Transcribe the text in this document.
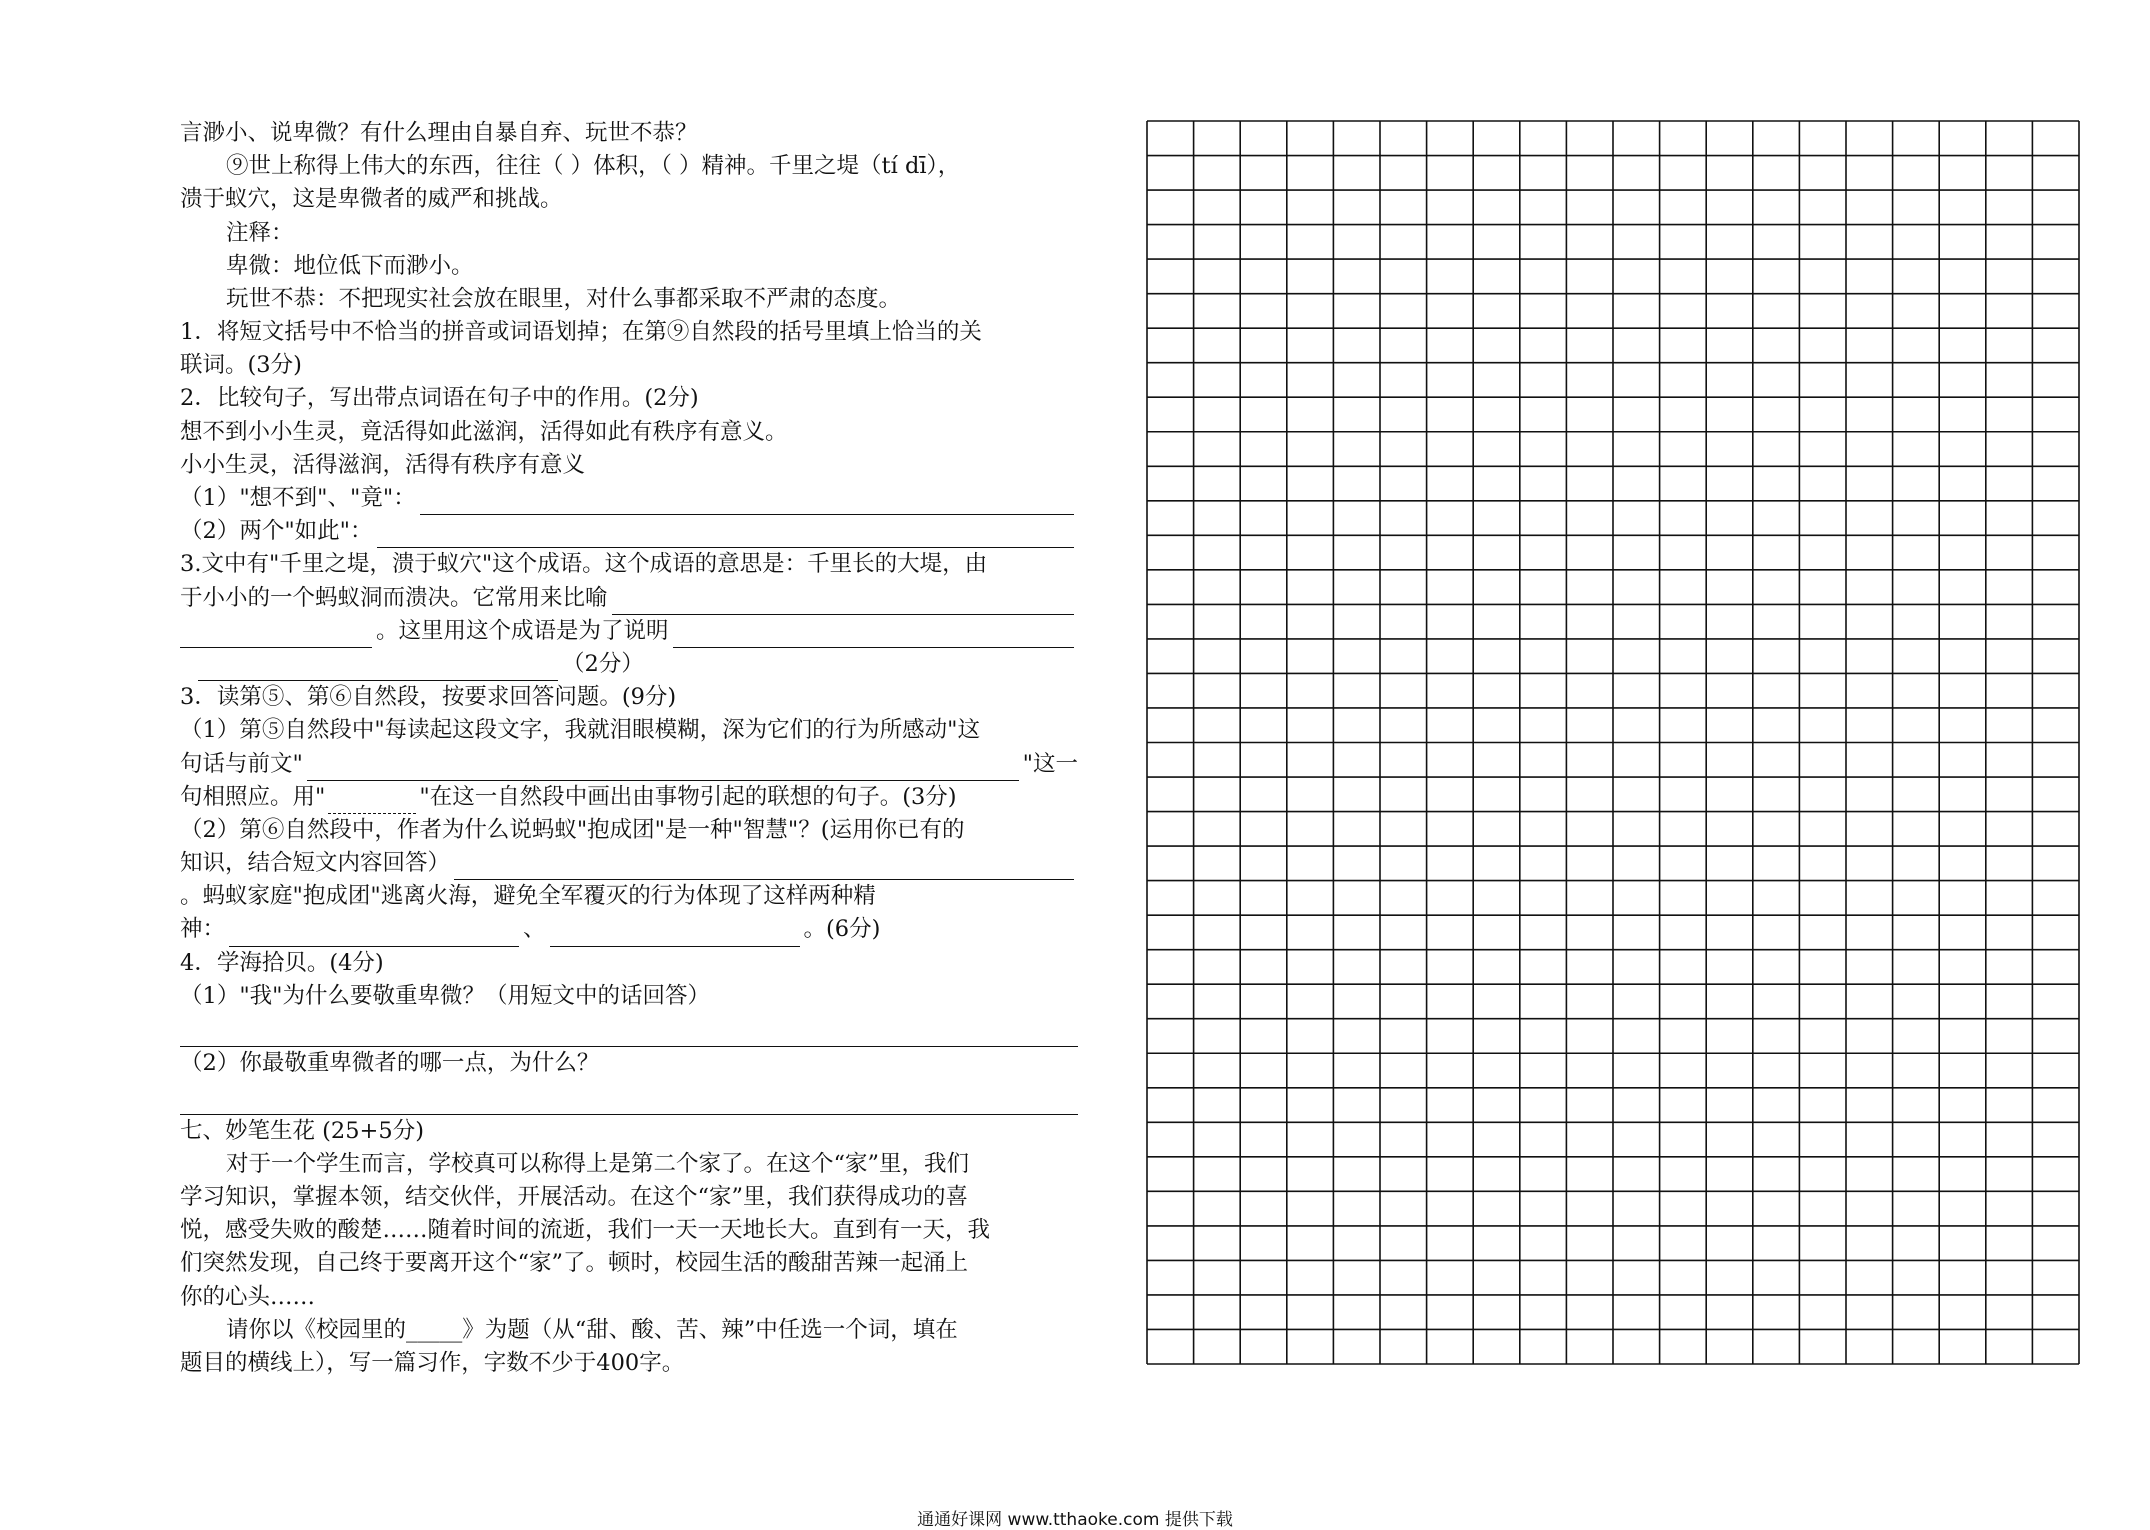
言渺小、说卑微？有什么理由自暴自弃、玩世不恭？
⑨世上称得上伟大的东西，往往（ ）体积，（ ）精神。千里之堤（tí dī），
溃于蚁穴，这是卑微者的威严和挑战。
注释：
卑微：地位低下而渺小。
玩世不恭：不把现实社会放在眼里，对什么事都采取不严肃的态度。
1．将短文括号中不恰当的拼音或词语划掉；在第⑨自然段的括号里填上恰当的关
联词。(3分)
2．比较句子，写出带点词语在句子中的作用。(2分)
想不到小小生灵，竟活得如此滋润，活得如此有秩序有意义。
小小生灵，活得滋润，活得有秩序有意义
（1）"想不到"、"竟"：
（2）两个"如此"：
3.文中有"千里之堤，溃于蚁穴"这个成语。这个成语的意思是：千里长的大堤，由
于小小的一个蚂蚁洞而溃决。它常用来比喻
。这里用这个成语是为了说明
（2分）
3．读第⑤、第⑥自然段，按要求回答问题。(9分)
（1）第⑤自然段中"每读起这段文字，我就泪眼模糊，深为它们的行为所感动"这
句话与前文"	"这一
句相照应。用"	"在这一自然段中画出由事物引起的联想的句子。(3分)
（2）第⑥自然段中，作者为什么说蚂蚁"抱成团"是一种"智慧"？(运用你已有的
知识，结合短文内容回答）
。蚂蚁家庭"抱成团"逃离火海，避免全军覆灭的行为体现了这样两种精
神：	、	。(6分)
4．学海拾贝。(4分)
（1）"我"为什么要敬重卑微？（用短文中的话回答）
（2）你最敬重卑微者的哪一点，为什么？
七、妙笔生花 (25+5分)
对于一个学生而言，学校真可以称得上是第二个家了。在这个“家”里，我们
学习知识，掌握本领，结交伙伴，开展活动。在这个“家”里，我们获得成功的喜
悦，感受失败的酸楚……随着时间的流逝，我们一天一天地长大。直到有一天，我
们突然发现，自己终于要离开这个“家”了。顿时，校园生活的酸甜苦辣一起涌上
你的心头……
请你以《校园里的_____》为题（从“甜、酸、苦、辣”中任选一个词，填在
题目的横线上），写一篇习作，字数不少于400字。
通通好课网 www.tthaoke.com 提供下载
